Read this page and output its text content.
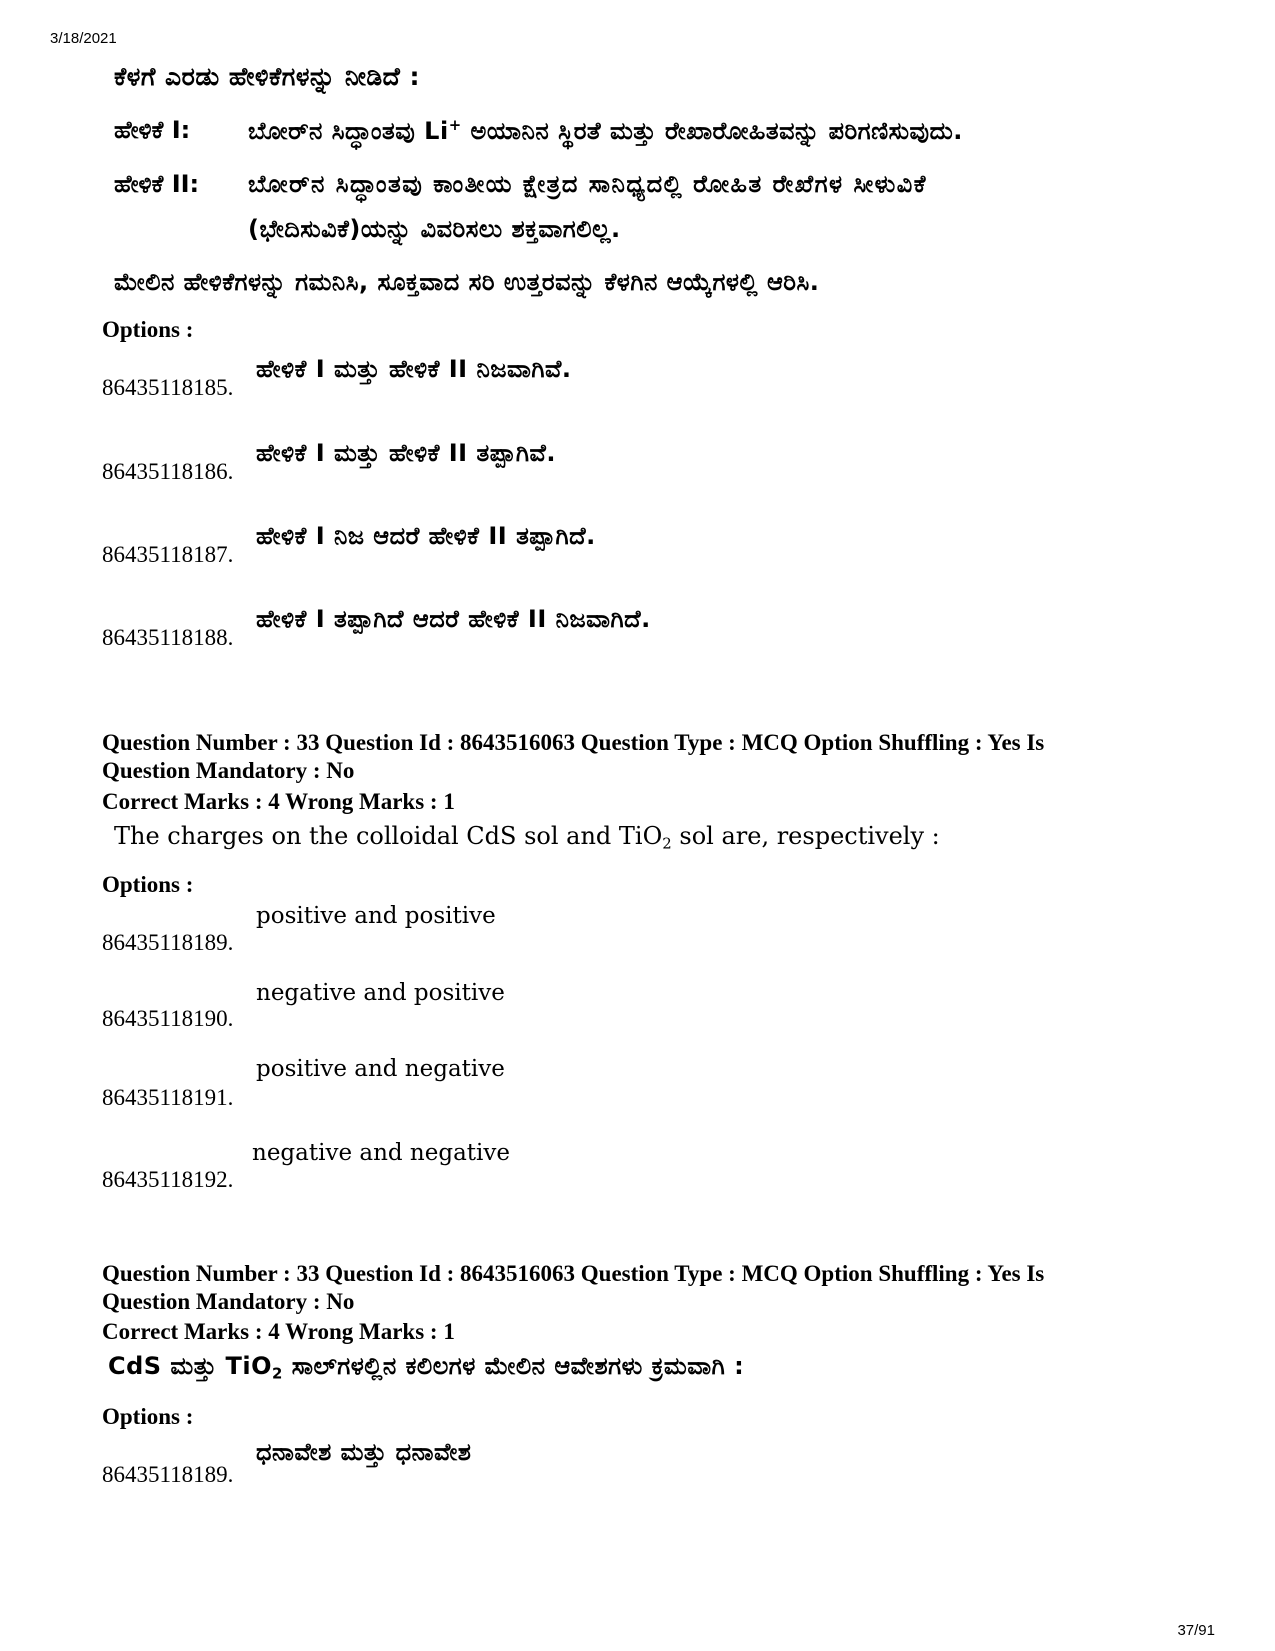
3/18/2021
ಕೆಳಗೆ ಎರಡು ಹೇಳಿಕೆಗಳನ್ನು ನೀಡಿದೆ :
ಹೇಳಿಕೆ I: ಬೋರ್‌ನ ಸಿದ್ಧಾಂತವು Li+ ಅಯಾನಿನ ಸ್ಥಿರತೆ ಮತ್ತು ರೇಖಾರೋಹಿತವನ್ನು ಪರಿಗಣಿಸುವುದು.
ಹೇಳಿಕೆ II: ಬೋರ್‌ನ ಸಿದ್ಧಾಂತವು ಕಾಂತೀಯ ಕ್ಷೇತ್ರದ ಸಾನಿಧ್ಯದಲ್ಲಿ ರೋಹಿತ ರೇಖೆಗಳ ಸೀಳುವಿಕೆ
(ಭೇದಿಸುವಿಕೆ)ಯನ್ನು ವಿವರಿಸಲು ಶಕ್ತವಾಗಲಿಲ್ಲ.
ಮೇಲಿನ ಹೇಳಿಕೆಗಳನ್ನು ಗಮನಿಸಿ, ಸೂಕ್ತವಾದ ಸರಿ ಉತ್ತರವನ್ನು ಕೆಳಗಿನ ಆಯ್ಕೆಗಳಲ್ಲಿ ಆರಿಸಿ.
Options :
86435118185.
ಹೇಳಿಕೆ I ಮತ್ತು ಹೇಳಿಕೆ II ನಿಜವಾಗಿವೆ.
86435118186.
ಹೇಳಿಕೆ I ಮತ್ತು ಹೇಳಿಕೆ II ತಪ್ಪಾಗಿವೆ.
86435118187.
ಹೇಳಿಕೆ I ನಿಜ ಆದರೆ ಹೇಳಿಕೆ II ತಪ್ಪಾಗಿದೆ.
86435118188.
ಹೇಳಿಕೆ I ತಪ್ಪಾಗಿದೆ ಆದರೆ ಹೇಳಿಕೆ II ನಿಜವಾಗಿದೆ.
Question Number : 33 Question Id : 8643516063 Question Type : MCQ Option Shuffling : Yes Is
Question Mandatory : No
Correct Marks : 4 Wrong Marks : 1
The charges on the colloidal CdS sol and TiO$_2$ sol are, respectively :
Options :
86435118189.
positive and positive
86435118190.
negative and positive
86435118191.
positive and negative
86435118192.
negative and negative
Question Number : 33 Question Id : 8643516063 Question Type : MCQ Option Shuffling : Yes Is
Question Mandatory : No
Correct Marks : 4 Wrong Marks : 1
CdS ಮತ್ತು TiO$_2$ ಸಾಲ್‌ಗಳಲ್ಲಿನ ಕಲಿಲಗಳ ಮೇಲಿನ ಆವೇಶಗಳು ಕ್ರಮವಾಗಿ :
Options :
86435118189.
ಧನಾವೇಶ ಮತ್ತು ಧನಾವೇಶ
37/91
